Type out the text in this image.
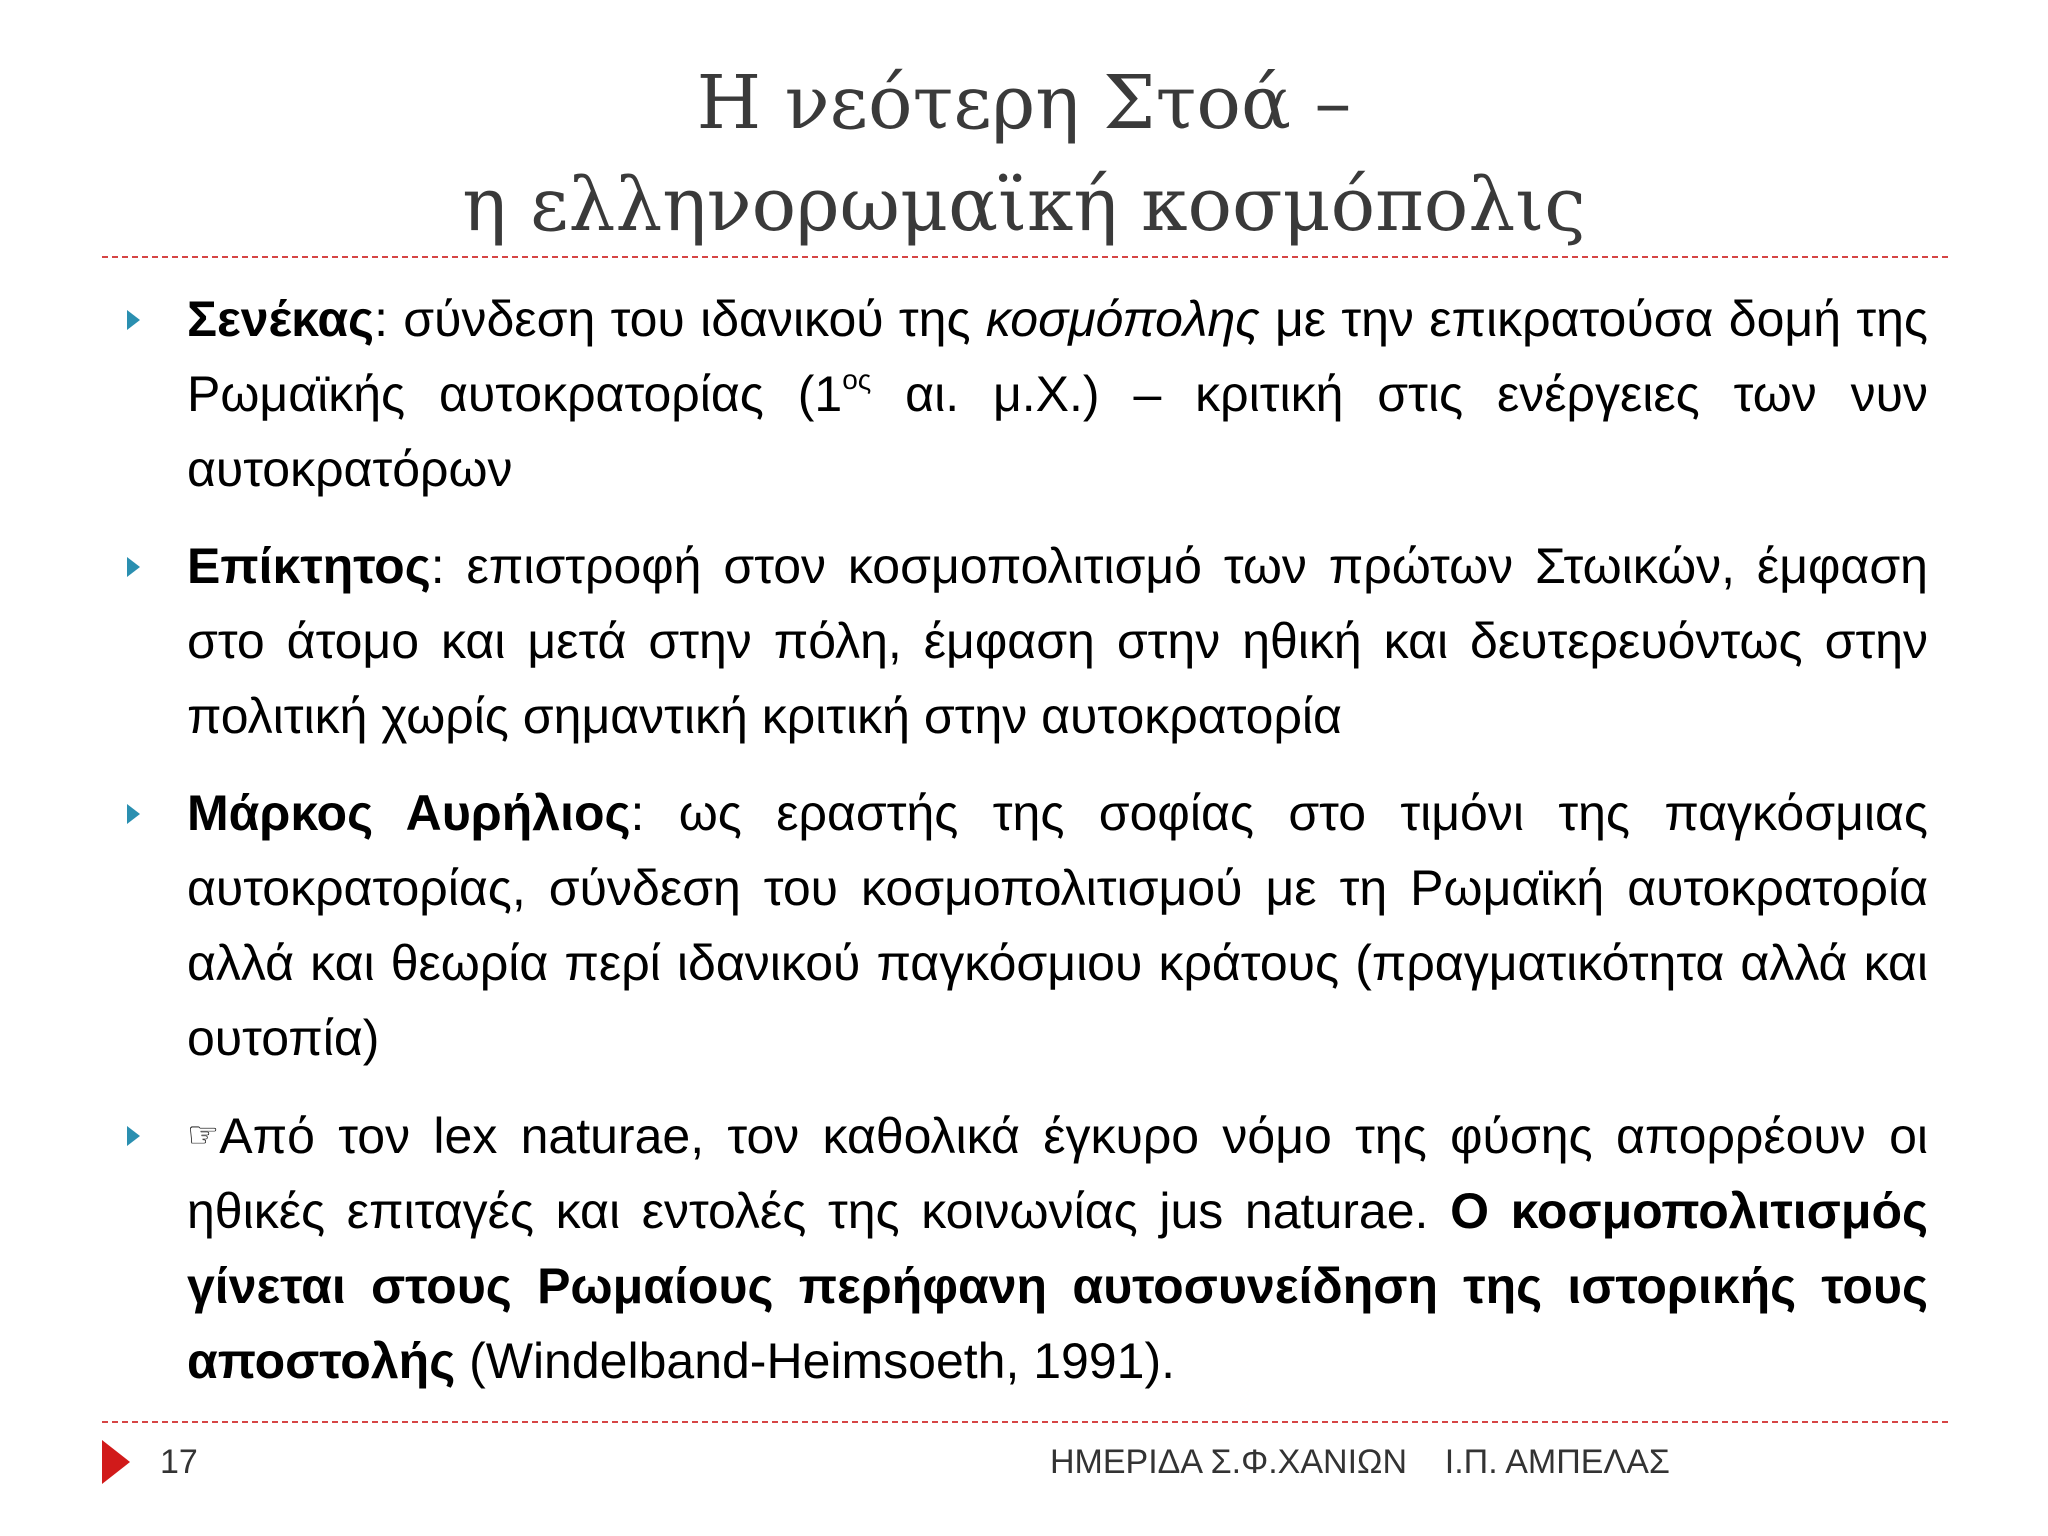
Η νεότερη Στοά –
η ελληνορωμαϊκή κοσμόπολις
Σενέκας: σύνδεση του ιδανικού της κοσμόπολης με την επικρατούσα δομή της Ρωμαϊκής αυτοκρατορίας ($1^{o\varsigma}$ αι. μ.Χ.) – κριτική στις ενέργειες των νυν αυτοκρατόρων
Επίκτητος: επιστροφή στον κοσμοπολιτισμό των πρώτων Στωικών, έμφαση στο άτομο και μετά στην πόλη, έμφαση στην ηθική και δευτερευόντως στην πολιτική χωρίς σημαντική κριτική στην αυτοκρατορία
Μάρκος Αυρήλιος: ως εραστής της σοφίας στο τιμόνι της παγκόσμιας αυτοκρατορίας, σύνδεση του κοσμοπολιτισμού με τη Ρωμαϊκή αυτοκρατορία αλλά και θεωρία περί ιδανικού παγκόσμιου κράτους (πραγματικότητα αλλά και ουτοπία)
☞Από τον lex naturae, τον καθολικά έγκυρο νόμο της φύσης απορρέουν οι ηθικές επιταγές και εντολές της κοινωνίας jus naturae. Ο κοσμοπολιτισμός γίνεται στους Ρωμαίους περήφανη αυτοσυνείδηση της ιστορικής τους αποστολής (Windelband-Heimsoeth, 1991).
17	ΗΜΕΡΙΔΑ Σ.Φ.ΧΑΝΙΩΝ    Ι.Π. ΑΜΠΕΛΑΣ
